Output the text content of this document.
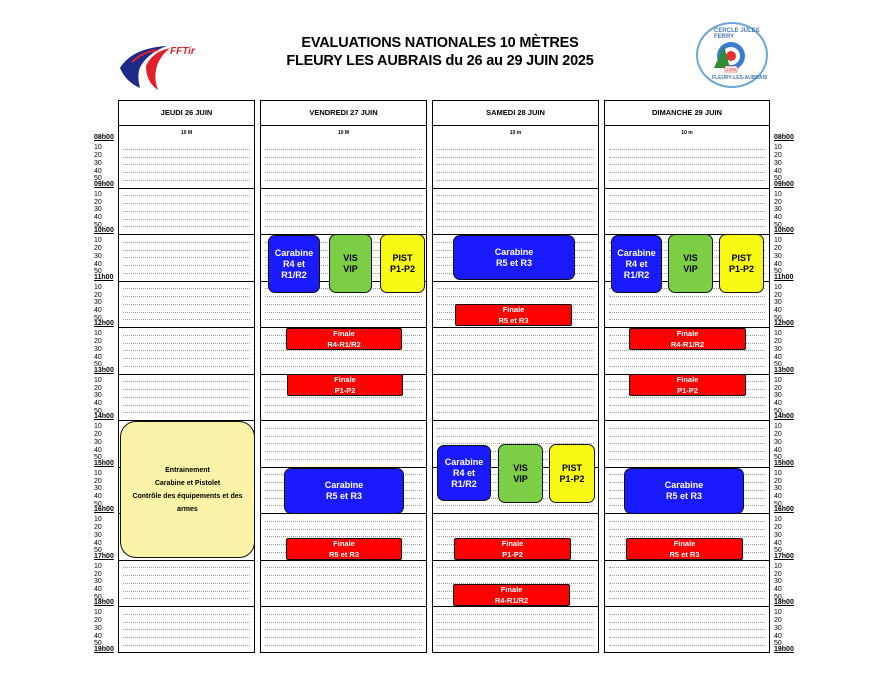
EVALUATIONS NATIONALES 10 MÈTRES
FLEURY LES AUBRAIS du 26 au 29 JUIN 2025
FFTir
CERCLE JULES FERRY
1969
FLEURY-LES-AUBRAIS
08h00
10
20
30
40
50
09h00
10
20
30
40
50
10h00
10
20
30
40
50
11h00
10
20
30
40
50
12h00
10
20
30
40
50
13h00
10
20
30
40
50
14h00
10
20
30
40
50
15h00
10
20
30
40
50
16h00
10
20
30
40
50
17h00
10
20
30
40
50
18h00
10
20
30
40
50
19h00
08h00
10
20
30
40
50
09h00
10
20
30
40
50
10h00
10
20
30
40
50
11h00
10
20
30
40
50
12h00
10
20
30
40
50
13h00
10
20
30
40
50
14h00
10
20
30
40
50
15h00
10
20
30
40
50
16h00
10
20
30
40
50
17h00
10
20
30
40
50
18h00
10
20
30
40
50
19h00
JEUDI 26 JUIN
10 M
VENDREDI 27 JUIN
10 M
SAMEDI 28 JUIN
10 m
DIMANCHE 29 JUIN
10 m
Entrainement
Carabine et Pistolet
Contrôle des équipements et des
armes
Carabine
R4 et
R1/R2
VIS
VIP
PIST
P1-P2
Finale
R4-R1/R2
Finale
P1-P2
Carabine
R5 et R3
Finale
R5 et R3
Carabine
R5 et R3
Finale
R5 et R3
Carabine
R4 et
R1/R2
VIS
VIP
PIST
P1-P2
Finale
P1-P2
Finale
R4-R1/R2
Carabine
R4 et
R1/R2
VIS
VIP
PIST
P1-P2
Finale
R4-R1/R2
Finale
P1-P2
Carabine
R5 et R3
Finale
R5 et R3
